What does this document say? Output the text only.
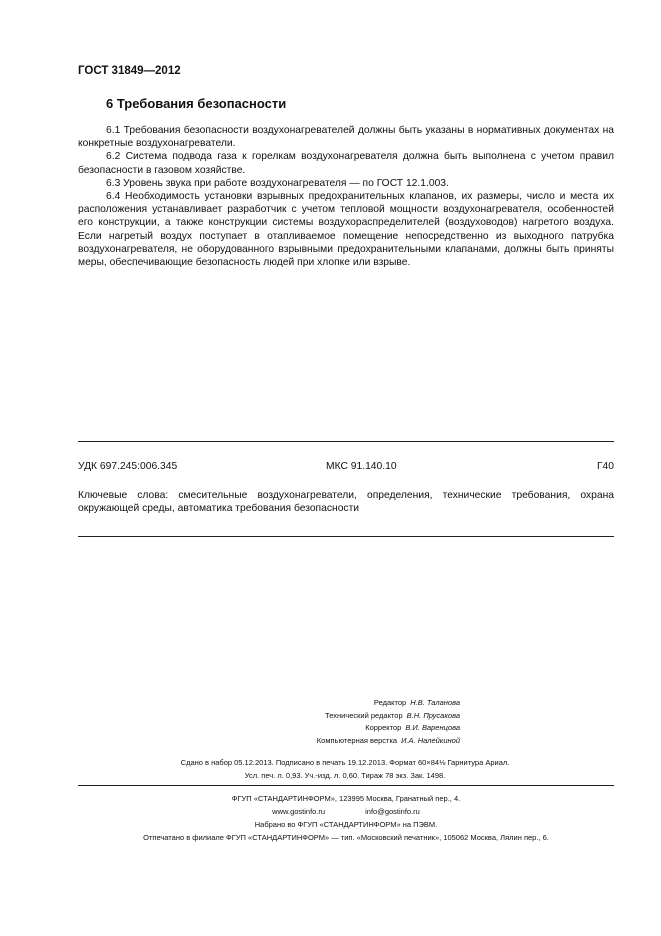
ГОСТ 31849—2012
6 Требования безопасности

6.1 Требования безопасности воздухонагревателей должны быть указаны в нормативных документах на конкретные воздухонагреватели.

6.2 Система подвода газа к горелкам воздухонагревателя должна быть выполнена с учетом правил безопасности в газовом хозяйстве.

6.3 Уровень звука при работе воздухонагревателя — по ГОСТ 12.1.003.

6.4 Необходимость установки взрывных предохранительных клапанов, их размеры, число и места их расположения устанавливает разработчик с учетом тепловой мощности воздухонагревателя, особенностей его конструкции, а также конструкции системы воздухораспределителей (воздуховодов) нагретого воздуха. Если нагретый воздух поступает в отапливаемое помещение непосредственно из выходного патрубка воздухонагревателя, не оборудованного взрывными предохранительными клапанами, должны быть приняты меры, обеспечивающие безопасность людей при хлопке или взрыве.

УДК 697.245:006.345	МКС 91.140.10	Г40
Ключевые слова: смесительные воздухонагреватели, определения, технические требования, охрана окружающей среды, автоматика требования безопасности
Редактор Н.В. Таланова
Технический редактор В.Н. Прусакова
Корректор В.И. Варенцова
Компьютерная верстка И.А. Налейкиной
Сдано в набор 05.12.2013. Подписано в печать 19.12.2013. Формат 60×84⅛ Гарнитура Ариал.
Усл. печ. л. 0,93. Уч.-изд. л. 0,60. Тираж 78 экз. Зак. 1498.
ФГУП «СТАНДАРТИНФОРМ», 123995 Москва, Гранатный пер., 4.
www.gostinfo.ru	info@gostinfo.ru
Набрано во ФГУП «СТАНДАРТИНФОРМ» на ПЭВМ.
Отпечатано в филиале ФГУП «СТАНДАРТИНФОРМ» — тип. «Московский печатник», 105062 Москва, Лялин пер., 6.
